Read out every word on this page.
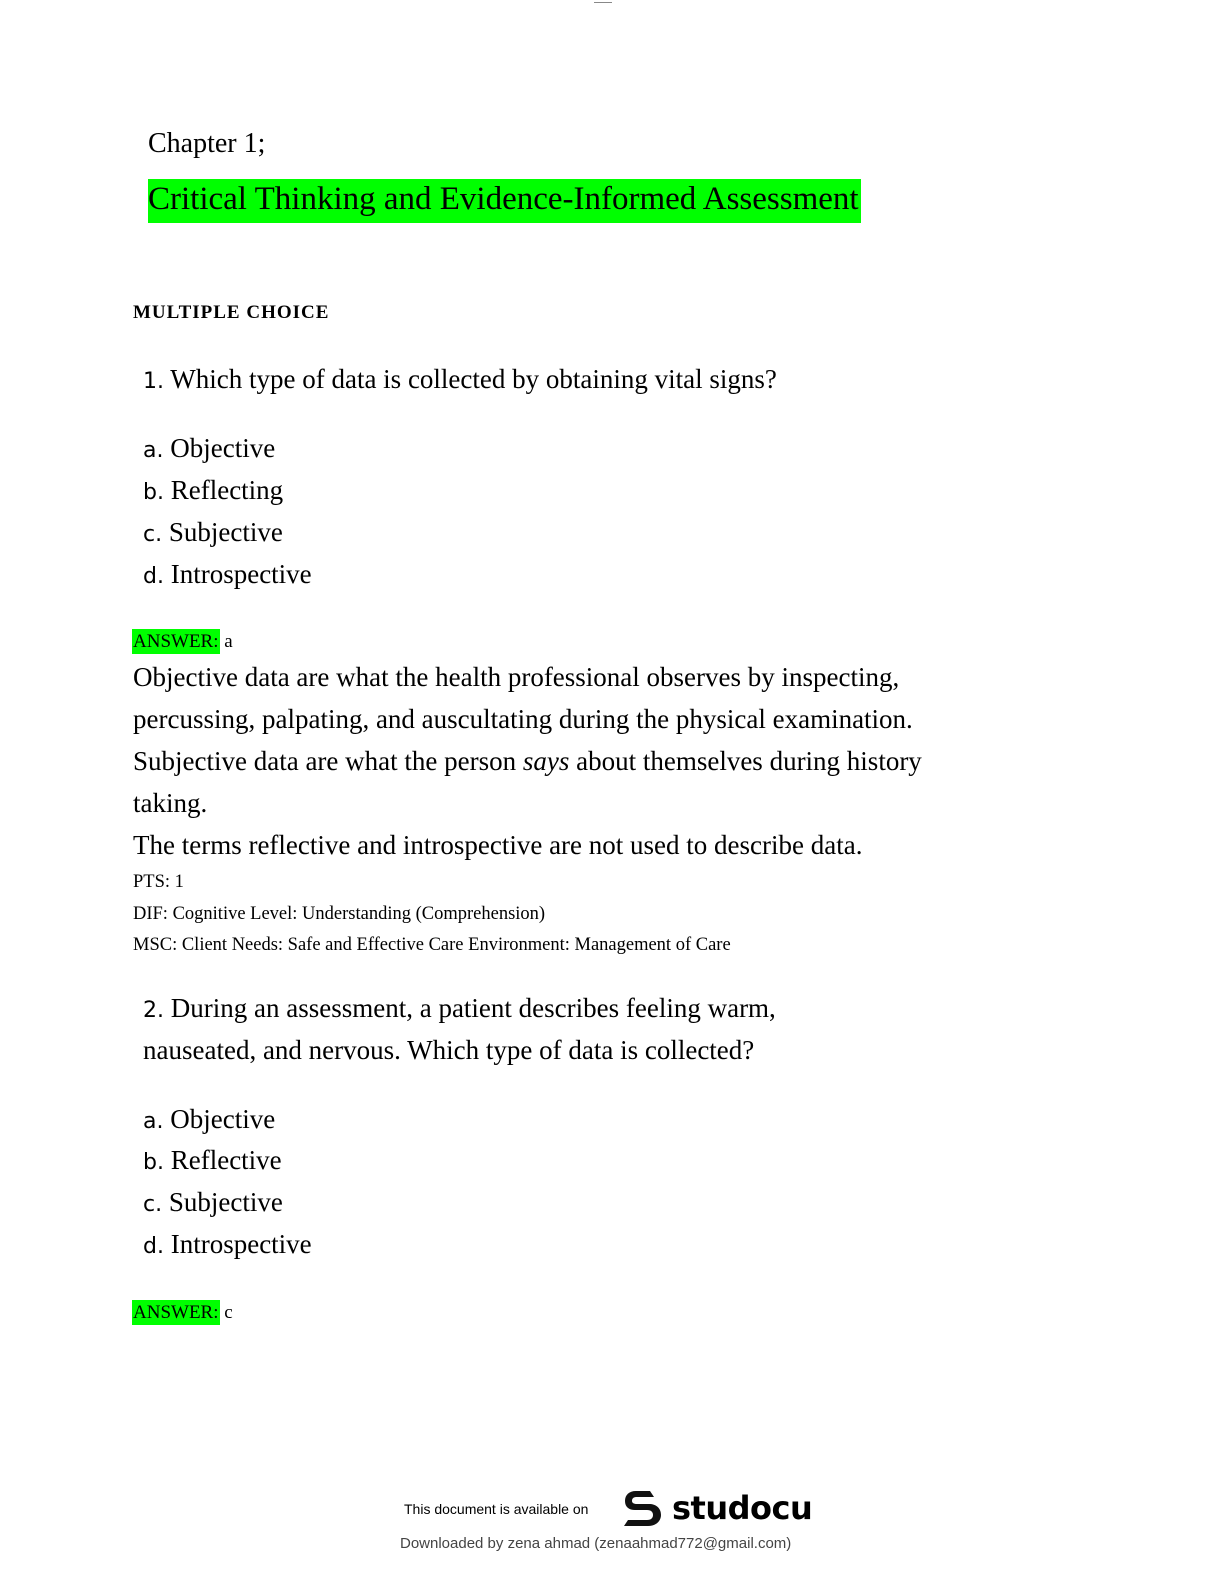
Chapter 1;
Critical Thinking and Evidence-Informed Assessment
MULTIPLE CHOICE
1. Which type of data is collected by obtaining vital signs?
a. Objective
b. Reflecting
c. Subjective
d. Introspective
ANSWER: a
Objective data are what the health professional observes by inspecting,
percussing, palpating, and auscultating during the physical examination.
Subjective data are what the person says about themselves during history
taking.
The terms reflective and introspective are not used to describe data.
PTS: 1
DIF: Cognitive Level: Understanding (Comprehension)
MSC: Client Needs: Safe and Effective Care Environment: Management of Care
2. During an assessment, a patient describes feeling warm,
nauseated, and nervous. Which type of data is collected?
a. Objective
b. Reflective
c. Subjective
d. Introspective
ANSWER: c
This document is available on	studocu
Downloaded by zena ahmad (zenaahmad772@gmail.com)
